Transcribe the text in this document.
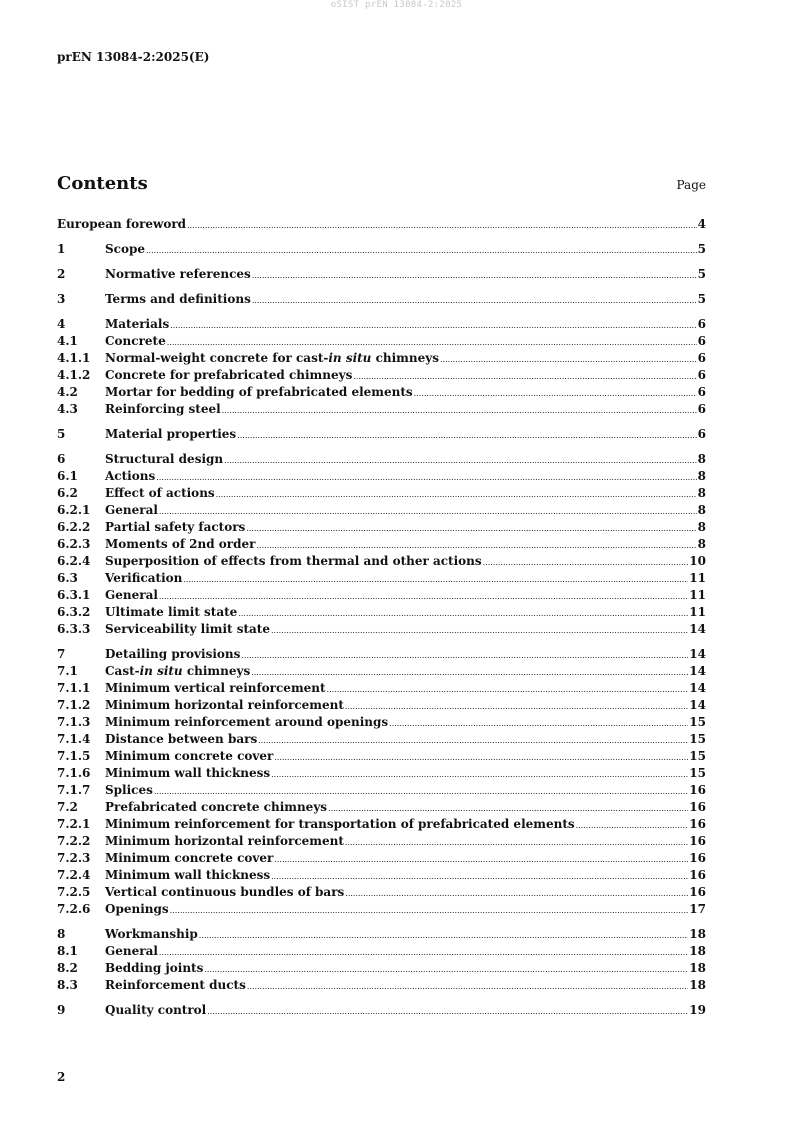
oSIST prEN 13084-2:2025
prEN 13084-2:2025(E)
Contents	Page
European foreword .....	4
1	Scope .....	5
2	Normative references .....	5
3	Terms and definitions .....	5
4	Materials .....	6
4.1	Concrete .....	6
4.1.1	Normal-weight concrete for cast-in situ chimneys .....	6
4.1.2	Concrete for prefabricated chimneys .....	6
4.2	Mortar for bedding of prefabricated elements .....	6
4.3	Reinforcing steel .....	6
5	Material properties .....	6
6	Structural design .....	8
6.1	Actions .....	8
6.2	Effect of actions .....	8
6.2.1	General .....	8
6.2.2	Partial safety factors .....	8
6.2.3	Moments of 2nd order .....	8
6.2.4	Superposition of effects from thermal and other actions .....	10
6.3	Verification .....	11
6.3.1	General .....	11
6.3.2	Ultimate limit state .....	11
6.3.3	Serviceability limit state .....	14
7	Detailing provisions .....	14
7.1	Cast-in situ chimneys .....	14
7.1.1	Minimum vertical reinforcement .....	14
7.1.2	Minimum horizontal reinforcement .....	14
7.1.3	Minimum reinforcement around openings .....	15
7.1.4	Distance between bars .....	15
7.1.5	Minimum concrete cover .....	15
7.1.6	Minimum wall thickness .....	15
7.1.7	Splices .....	16
7.2	Prefabricated concrete chimneys .....	16
7.2.1	Minimum reinforcement for transportation of prefabricated elements .....	16
7.2.2	Minimum horizontal reinforcement .....	16
7.2.3	Minimum concrete cover .....	16
7.2.4	Minimum wall thickness .....	16
7.2.5	Vertical continuous bundles of bars .....	16
7.2.6	Openings .....	17
8	Workmanship .....	18
8.1	General .....	18
8.2	Bedding joints .....	18
8.3	Reinforcement ducts .....	18
9	Quality control .....	19
2
